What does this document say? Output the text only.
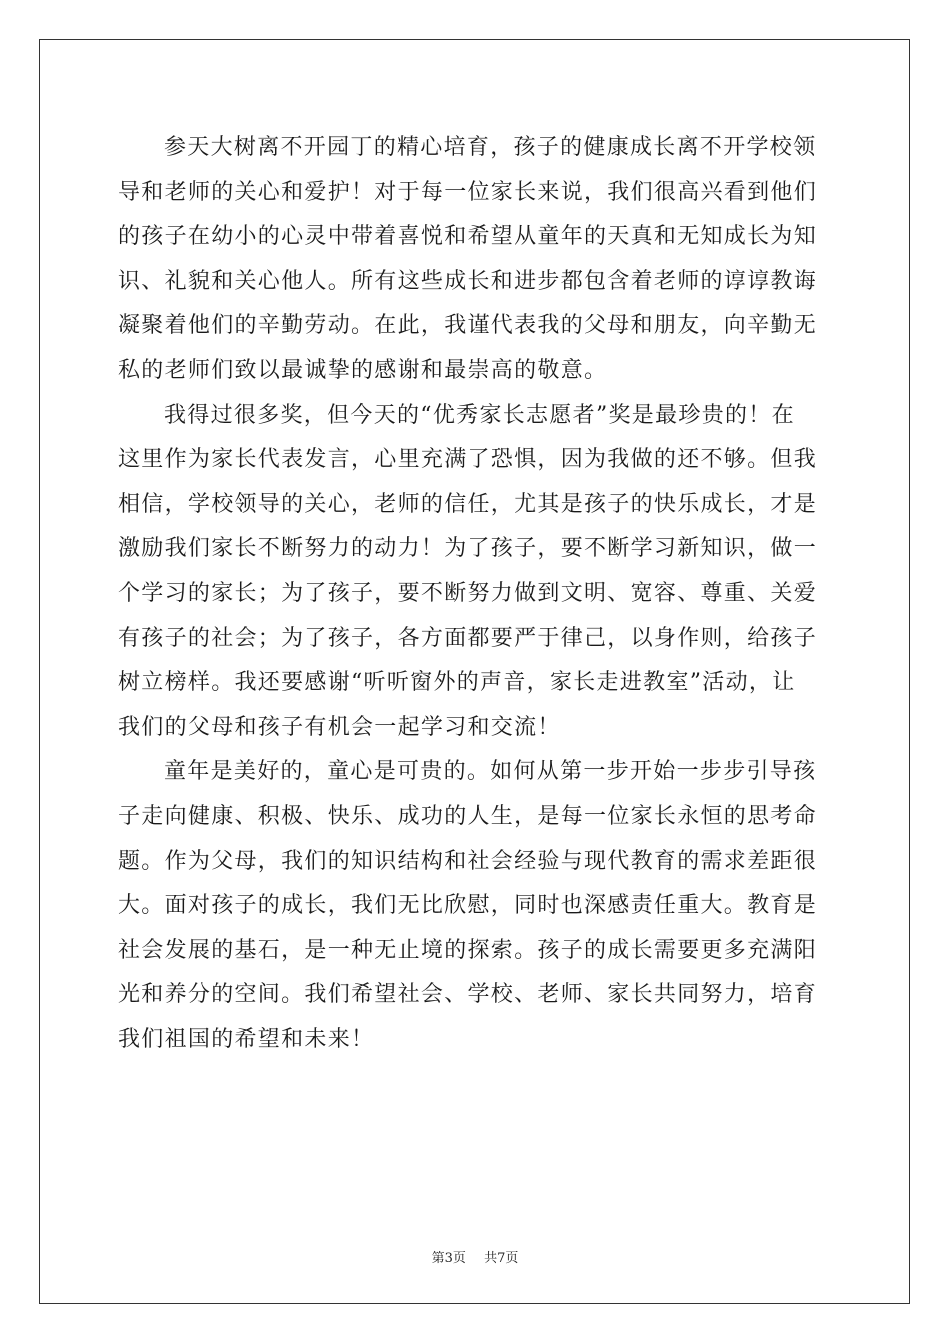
参天大树离不开园丁的精心培育，孩子的健康成长离不开学校领
导和老师的关心和爱护！对于每一位家长来说，我们很高兴看到他们
的孩子在幼小的心灵中带着喜悦和希望从童年的天真和无知成长为知
识、礼貌和关心他人。所有这些成长和进步都包含着老师的谆谆教诲
凝聚着他们的辛勤劳动。在此，我谨代表我的父母和朋友，向辛勤无
私的老师们致以最诚挚的感谢和最崇高的敬意。
我得过很多奖，但今天的“优秀家长志愿者”奖是最珍贵的！在
这里作为家长代表发言，心里充满了恐惧，因为我做的还不够。但我
相信，学校领导的关心，老师的信任，尤其是孩子的快乐成长，才是
激励我们家长不断努力的动力！为了孩子，要不断学习新知识，做一
个学习的家长；为了孩子，要不断努力做到文明、宽容、尊重、关爱
有孩子的社会；为了孩子，各方面都要严于律己，以身作则，给孩子
树立榜样。我还要感谢“听听窗外的声音，家长走进教室”活动，让
我们的父母和孩子有机会一起学习和交流！
童年是美好的，童心是可贵的。如何从第一步开始一步步引导孩
子走向健康、积极、快乐、成功的人生，是每一位家长永恒的思考命
题。作为父母，我们的知识结构和社会经验与现代教育的需求差距很
大。面对孩子的成长，我们无比欣慰，同时也深感责任重大。教育是
社会发展的基石，是一种无止境的探索。孩子的成长需要更多充满阳
光和养分的空间。我们希望社会、学校、老师、家长共同努力，培育
我们祖国的希望和未来！
第3页 共7页
